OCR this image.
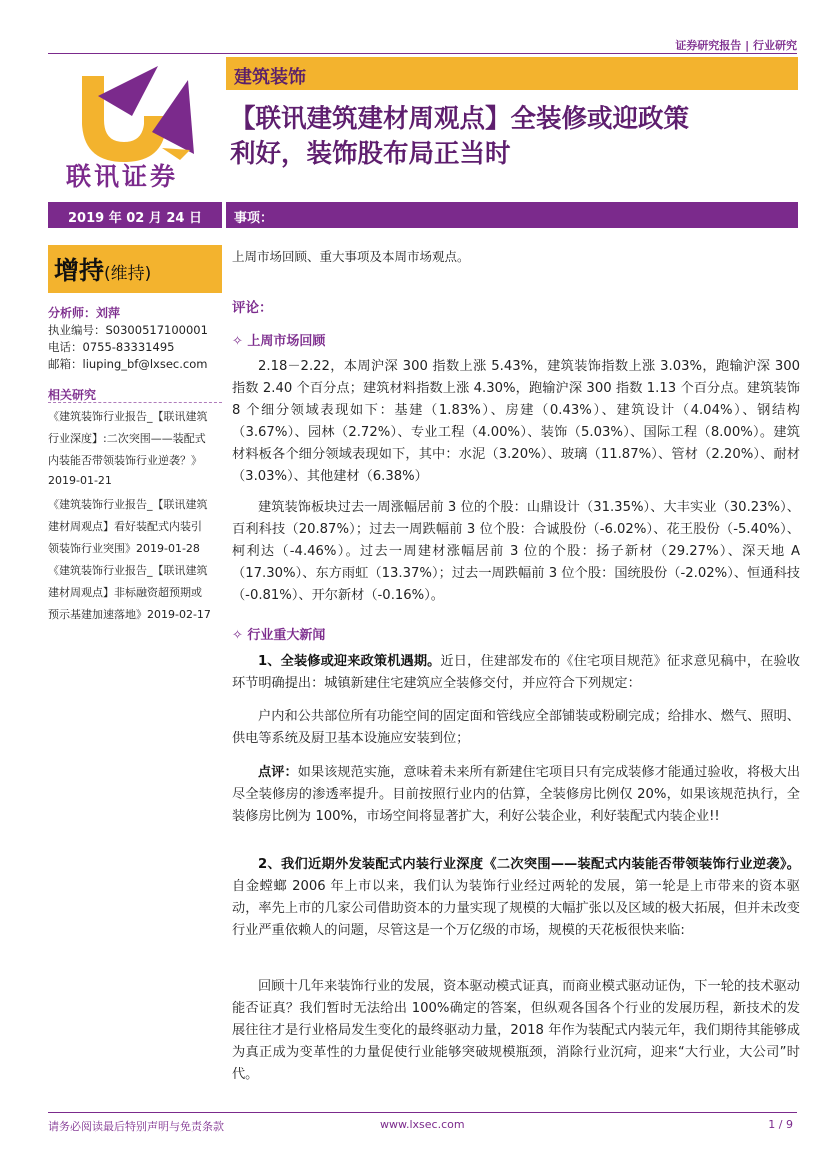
证券研究报告 | 行业研究
联讯证券
建筑装饰
【联讯建筑建材周观点】全装修或迎政策
利好，装饰股布局正当时
2019 年 02 月 24 日	事项：
增持(维持)
分析师：刘萍
执业编号：S0300517100001
电话：0755-83331495
邮箱：liuping_bf@lxsec.com
相关研究
《建筑装饰行业报告_【联讯建筑
行业深度】:二次突围——装配式
内装能否带领装饰行业逆袭？》
2019-01-21
《建筑装饰行业报告_【联讯建筑
建材周观点】看好装配式内装引
领装饰行业突围》2019-01-28
《建筑装饰行业报告_【联讯建筑
建材周观点】非标融资超预期或
预示基建加速落地》2019-02-17
上周市场回顾、重大事项及本周市场观点。
评论：
✧ 上周市场回顾
2.18－2.22，本周沪深 300 指数上涨 5.43%，建筑装饰指数上涨 3.03%，跑输沪深 300 指数 2.40 个百分点；建筑材料指数上涨 4.30%，跑输沪深 300 指数 1.13 个百分点。建筑装饰 8 个细分领域表现如下：基建（1.83%）、房建（0.43%）、建筑设计（4.04%）、钢结构（3.67%）、园林（2.72%）、专业工程（4.00%）、装饰（5.03%）、国际工程（8.00%）。建筑材料板各个细分领域表现如下，其中：水泥（3.20%）、玻璃（11.87%）、管材（2.20%）、耐材（3.03%）、其他建材（6.38%）
建筑装饰板块过去一周涨幅居前 3 位的个股：山鼎设计（31.35%）、大丰实业（30.23%）、百利科技（20.87%）；过去一周跌幅前 3 位个股：合诚股份（-6.02%）、花王股份（-5.40%）、柯利达（-4.46%）。过去一周建材涨幅居前 3 位的个股：扬子新材（29.27%）、深天地 A（17.30%）、东方雨虹（13.37%）；过去一周跌幅前 3 位个股：国统股份（-2.02%）、恒通科技（-0.81%）、开尔新材（-0.16%）。
✧ 行业重大新闻
1、全装修或迎来政策机遇期。近日，住建部发布的《住宅项目规范》征求意见稿中，在验收环节明确提出：城镇新建住宅建筑应全装修交付，并应符合下列规定：
户内和公共部位所有功能空间的固定面和管线应全部铺装或粉刷完成；给排水、燃气、照明、供电等系统及厨卫基本设施应安装到位；
点评：如果该规范实施，意味着未来所有新建住宅项目只有完成装修才能通过验收，将极大出尽全装修房的渗透率提升。目前按照行业内的估算，全装修房比例仅 20%，如果该规范执行，全装修房比例为 100%，市场空间将显著扩大，利好公装企业，利好装配式内装企业!!
2、我们近期外发装配式内装行业深度《二次突围——装配式内装能否带领装饰行业逆袭》。自金螳螂 2006 年上市以来，我们认为装饰行业经过两轮的发展，第一轮是上市带来的资本驱动，率先上市的几家公司借助资本的力量实现了规模的大幅扩张以及区域的极大拓展，但并未改变行业严重依赖人的问题，尽管这是一个万亿级的市场，规模的天花板很快来临:
回顾十几年来装饰行业的发展，资本驱动模式证真，而商业模式驱动证伪，下一轮的技术驱动能否证真？我们暂时无法给出 100%确定的答案，但纵观各国各个行业的发展历程，新技术的发展往往才是行业格局发生变化的最终驱动力量，2018 年作为装配式内装元年，我们期待其能够成为真正成为变革性的力量促使行业能够突破规模瓶颈，消除行业沉疴，迎来“大行业，大公司”时代。
请务必阅读最后特别声明与免责条款	www.lxsec.com	1 / 9
